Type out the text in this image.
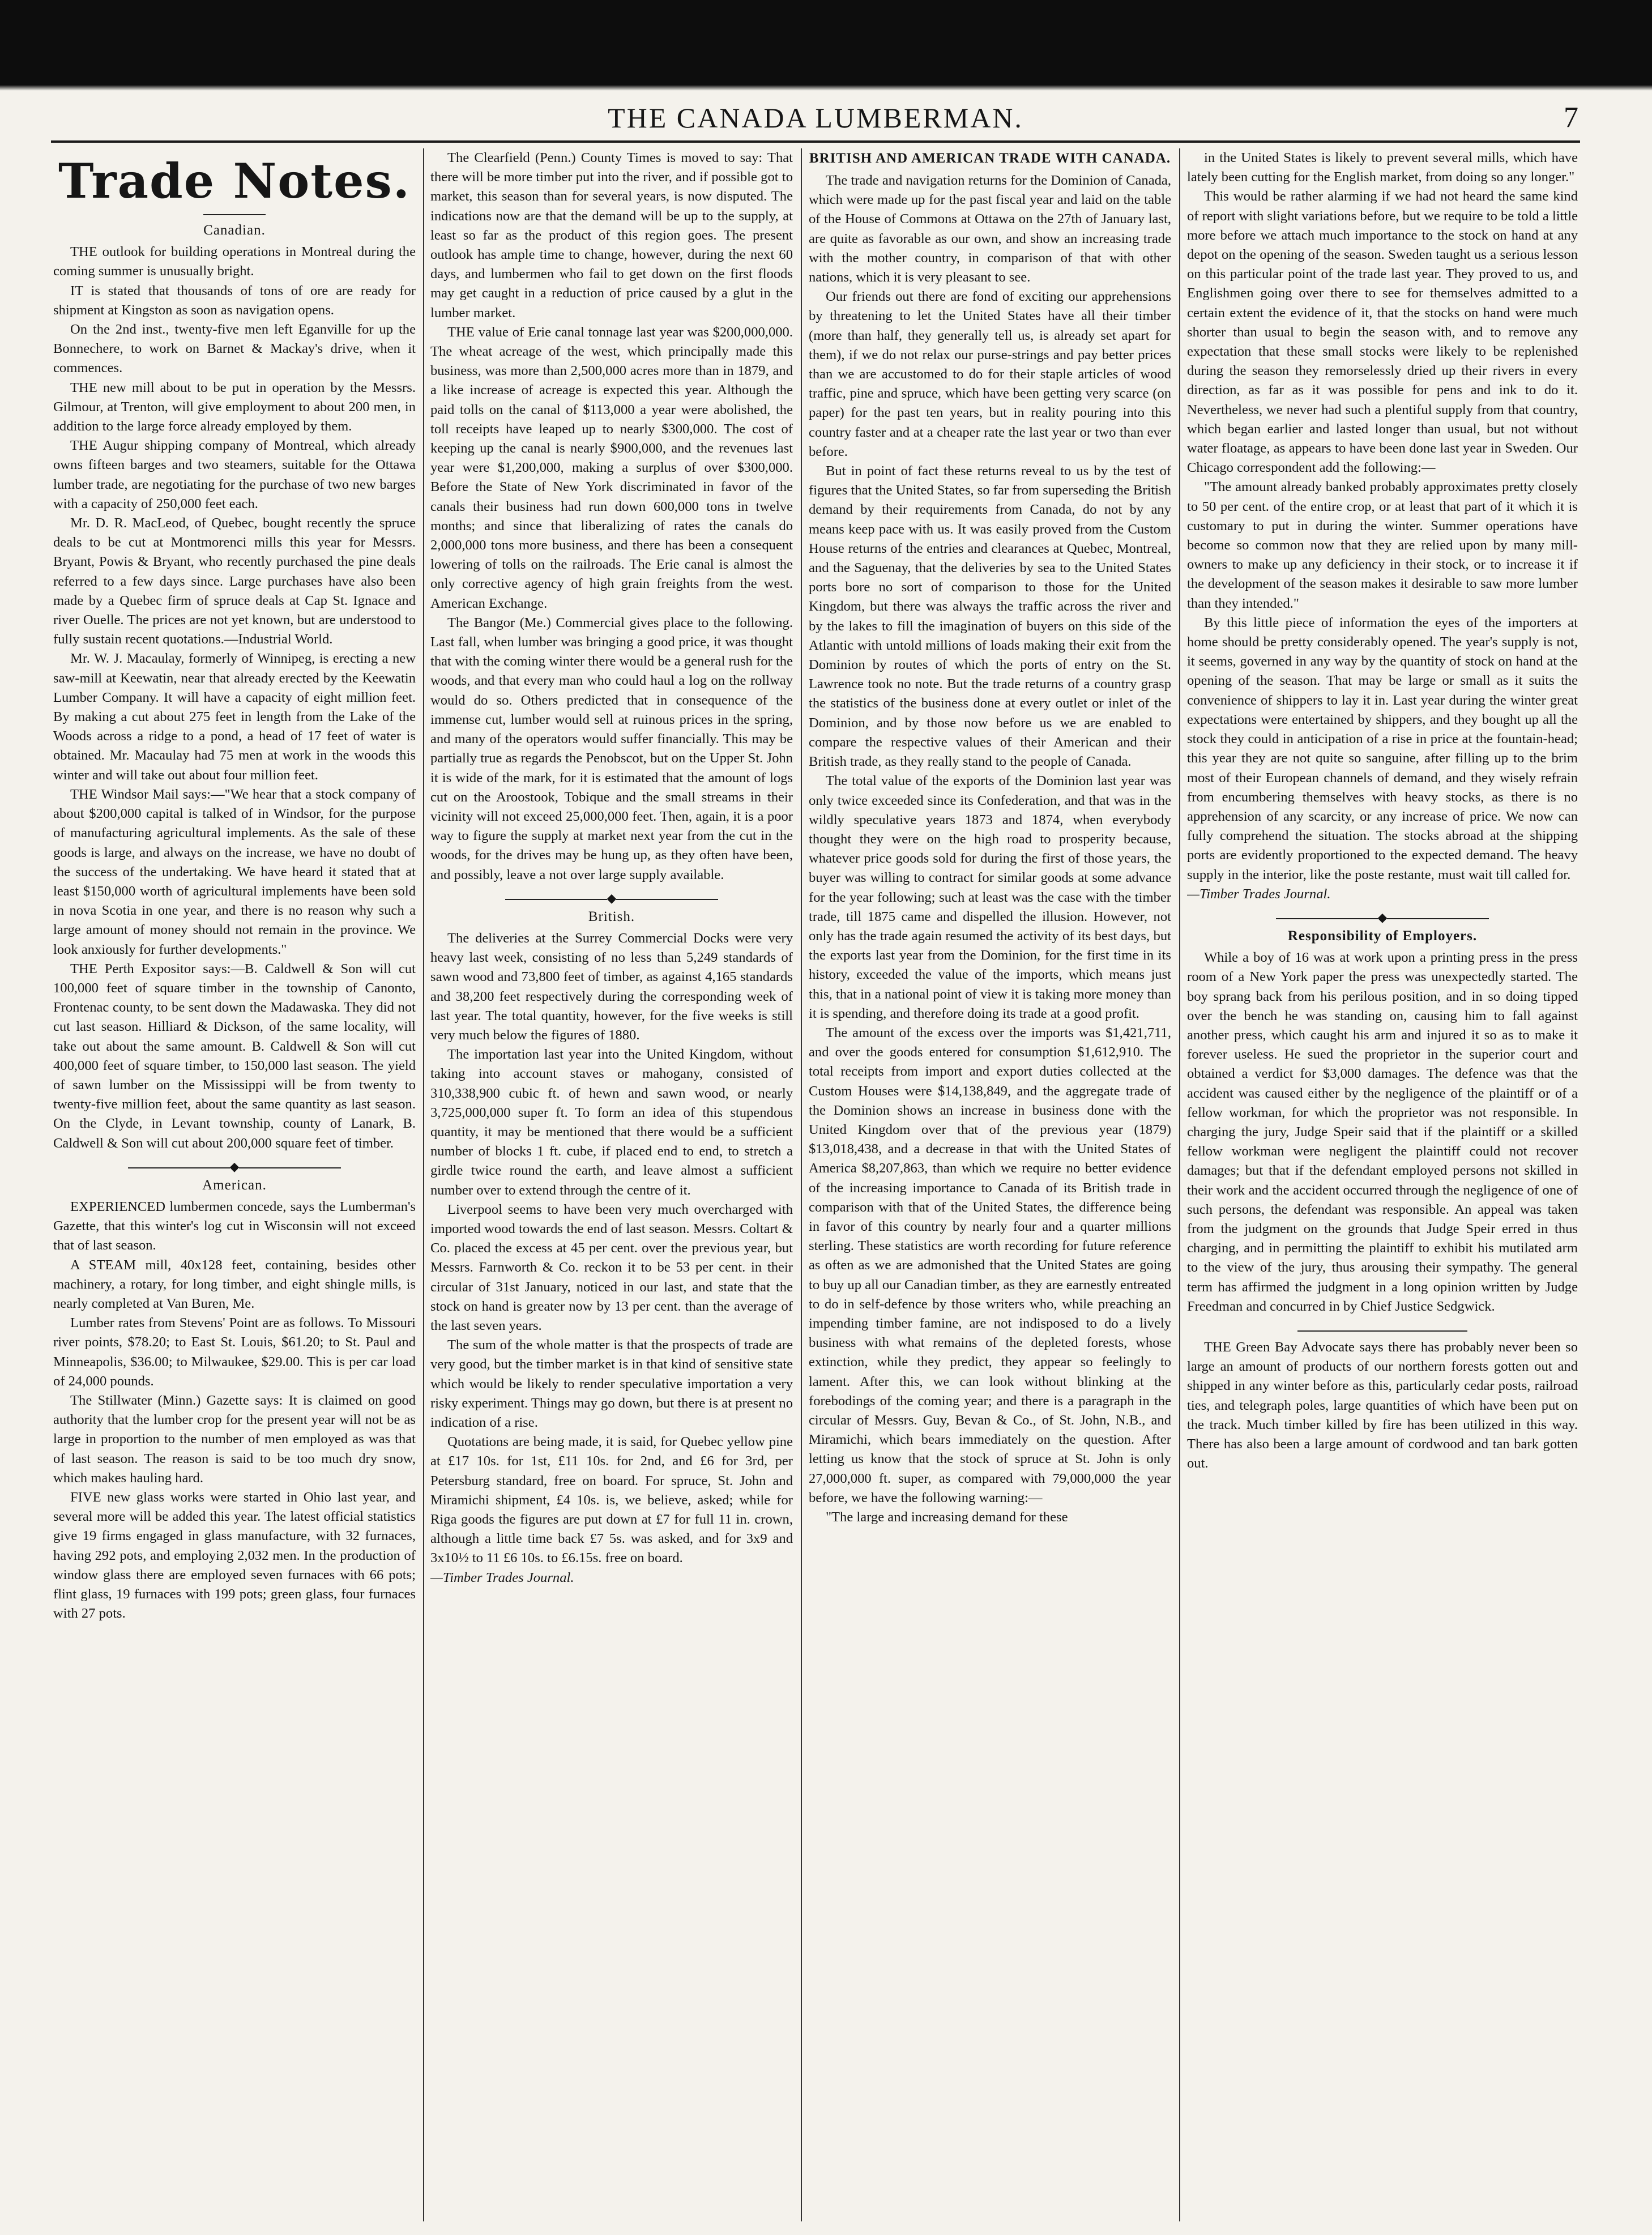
THE CANADA LUMBERMAN.	7
Trade Notes.
Canadian.

THE outlook for building operations in Montreal during the coming summer is unusually bright.

IT is stated that thousands of tons of ore are ready for shipment at Kingston as soon as navigation opens.

On the 2nd inst., twenty-five men left Eganville for up the Bonnechere, to work on Barnet & Mackay's drive, when it commences.

THE new mill about to be put in operation by the Messrs. Gilmour, at Trenton, will give employment to about 200 men, in addition to the large force already employed by them.

THE Augur shipping company of Montreal, which already owns fifteen barges and two steamers, suitable for the Ottawa lumber trade, are negotiating for the purchase of two new barges with a capacity of 250,000 feet each.

Mr. D. R. MacLeod, of Quebec, bought recently the spruce deals to be cut at Montmorenci mills this year for Messrs. Bryant, Powis & Bryant, who recently purchased the pine deals referred to a few days since. Large purchases have also been made by a Quebec firm of spruce deals at Cap St. Ignace and river Ouelle. The prices are not yet known, but are understood to fully sustain recent quotations.—Industrial World.

Mr. W. J. Macaulay, formerly of Winnipeg, is erecting a new saw-mill at Keewatin, near that already erected by the Keewatin Lumber Company. It will have a capacity of eight million feet. By making a cut about 275 feet in length from the Lake of the Woods across a ridge to a pond, a head of 17 feet of water is obtained. Mr. Macaulay had 75 men at work in the woods this winter and will take out about four million feet.

THE Windsor Mail says:—"We hear that a stock company of about $200,000 capital is talked of in Windsor, for the purpose of manufacturing agricultural implements. As the sale of these goods is large, and always on the increase, we have no doubt of the success of the undertaking. We have heard it stated that at least $150,000 worth of agricultural implements have been sold in nova Scotia in one year, and there is no reason why such a large amount of money should not remain in the province. We look anxiously for further developments."

THE Perth Expositor says:—B. Caldwell & Son will cut 100,000 feet of square timber in the township of Canonto, Frontenac county, to be sent down the Madawaska. They did not cut last season. Hilliard & Dickson, of the same locality, will take out about the same amount. B. Caldwell & Son will cut 400,000 feet of square timber, to 150,000 last season. The yield of sawn lumber on the Mississippi will be from twenty to twenty-five million feet, about the same quantity as last season. On the Clyde, in Levant township, county of Lanark, B. Caldwell & Son will cut about 200,000 square feet of timber.

◆
American.

EXPERIENCED lumbermen concede, says the Lumberman's Gazette, that this winter's log cut in Wisconsin will not exceed that of last season.

A STEAM mill, 40x128 feet, containing, besides other machinery, a rotary, for long timber, and eight shingle mills, is nearly completed at Van Buren, Me.

Lumber rates from Stevens' Point are as follows. To Missouri river points, $78.20; to East St. Louis, $61.20; to St. Paul and Minneapolis, $36.00; to Milwaukee, $29.00. This is per car load of 24,000 pounds.

The Stillwater (Minn.) Gazette says: It is claimed on good authority that the lumber crop for the present year will not be as large in proportion to the number of men employed as was that of last season. The reason is said to be too much dry snow, which makes hauling hard.

FIVE new glass works were started in Ohio last year, and several more will be added this year. The latest official statistics give 19 firms engaged in glass manufacture, with 32 furnaces, having 292 pots, and employing 2,032 men. In the production of window glass there are employed seven furnaces with 66 pots; flint glass, 19 furnaces with 199 pots; green glass, four furnaces with 27 pots.

The Clearfield (Penn.) County Times is moved to say: That there will be more timber put into the river, and if possible got to market, this season than for several years, is now disputed. The indications now are that the demand will be up to the supply, at least so far as the product of this region goes. The present outlook has ample time to change, however, during the next 60 days, and lumbermen who fail to get down on the first floods may get caught in a reduction of price caused by a glut in the lumber market.

THE value of Erie canal tonnage last year was $200,000,000. The wheat acreage of the west, which principally made this business, was more than 2,500,000 acres more than in 1879, and a like increase of acreage is expected this year. Although the paid tolls on the canal of $113,000 a year were abolished, the toll receipts have leaped up to nearly $300,000. The cost of keeping up the canal is nearly $900,000, and the revenues last year were $1,200,000, making a surplus of over $300,000. Before the State of New York discriminated in favor of the canals their business had run down 600,000 tons in twelve months; and since that liberalizing of rates the canals do 2,000,000 tons more business, and there has been a consequent lowering of tolls on the railroads. The Erie canal is almost the only corrective agency of high grain freights from the west. American Exchange.

The Bangor (Me.) Commercial gives place to the following. Last fall, when lumber was bringing a good price, it was thought that with the coming winter there would be a general rush for the woods, and that every man who could haul a log on the rollway would do so. Others predicted that in consequence of the immense cut, lumber would sell at ruinous prices in the spring, and many of the operators would suffer financially. This may be partially true as regards the Penobscot, but on the Upper St. John it is wide of the mark, for it is estimated that the amount of logs cut on the Aroostook, Tobique and the small streams in their vicinity will not exceed 25,000,000 feet. Then, again, it is a poor way to figure the supply at market next year from the cut in the woods, for the drives may be hung up, as they often have been, and possibly, leave a not over large supply available.

◆
British.

The deliveries at the Surrey Commercial Docks were very heavy last week, consisting of no less than 5,249 standards of sawn wood and 73,800 feet of timber, as against 4,165 standards and 38,200 feet respectively during the corresponding week of last year. The total quantity, however, for the five weeks is still very much below the figures of 1880.

The importation last year into the United Kingdom, without taking into account staves or mahogany, consisted of 310,338,900 cubic ft. of hewn and sawn wood, or nearly 3,725,000,000 super ft. To form an idea of this stupendous quantity, it may be mentioned that there would be a sufficient number of blocks 1 ft. cube, if placed end to end, to stretch a girdle twice round the earth, and leave almost a sufficient number over to extend through the centre of it.

Liverpool seems to have been very much overcharged with imported wood towards the end of last season. Messrs. Coltart & Co. placed the excess at 45 per cent. over the previous year, but Messrs. Farnworth & Co. reckon it to be 53 per cent. in their circular of 31st January, noticed in our last, and state that the stock on hand is greater now by 13 per cent. than the average of the last seven years.

The sum of the whole matter is that the prospects of trade are very good, but the timber market is in that kind of sensitive state which would be likely to render speculative importation a very risky experiment. Things may go down, but there is at present no indication of a rise.

Quotations are being made, it is said, for Quebec yellow pine at £17 10s. for 1st, £11 10s. for 2nd, and £6 for 3rd, per Petersburg standard, free on board. For spruce, St. John and Miramichi shipment, £4 10s. is, we believe, asked; while for Riga goods the figures are put down at £7 for full 11 in. crown, although a little time back £7 5s. was asked, and for 3x9 and 3x10½ to 11 £6 10s. to £6.15s. free on board.

—Timber Trades Journal.

BRITISH AND AMERICAN TRADE WITH CANADA.

The trade and navigation returns for the Dominion of Canada, which were made up for the past fiscal year and laid on the table of the House of Commons at Ottawa on the 27th of January last, are quite as favorable as our own, and show an increasing trade with the mother country, in comparison of that with other nations, which it is very pleasant to see.

Our friends out there are fond of exciting our apprehensions by threatening to let the United States have all their timber (more than half, they generally tell us, is already set apart for them), if we do not relax our purse-strings and pay better prices than we are accustomed to do for their staple articles of wood traffic, pine and spruce, which have been getting very scarce (on paper) for the past ten years, but in reality pouring into this country faster and at a cheaper rate the last year or two than ever before.

But in point of fact these returns reveal to us by the test of figures that the United States, so far from superseding the British demand by their requirements from Canada, do not by any means keep pace with us. It was easily proved from the Custom House returns of the entries and clearances at Quebec, Montreal, and the Saguenay, that the deliveries by sea to the United States ports bore no sort of comparison to those for the United Kingdom, but there was always the traffic across the river and by the lakes to fill the imagination of buyers on this side of the Atlantic with untold millions of loads making their exit from the Dominion by routes of which the ports of entry on the St. Lawrence took no note. But the trade returns of a country grasp the statistics of the business done at every outlet or inlet of the Dominion, and by those now before us we are enabled to compare the respective values of their American and their British trade, as they really stand to the people of Canada.

The total value of the exports of the Dominion last year was only twice exceeded since its Confederation, and that was in the wildly speculative years 1873 and 1874, when everybody thought they were on the high road to prosperity because, whatever price goods sold for during the first of those years, the buyer was willing to contract for similar goods at some advance for the year following; such at least was the case with the timber trade, till 1875 came and dispelled the illusion. However, not only has the trade again resumed the activity of its best days, but the exports last year from the Dominion, for the first time in its history, exceeded the value of the imports, which means just this, that in a national point of view it is taking more money than it is spending, and therefore doing its trade at a good profit.

The amount of the excess over the imports was $1,421,711, and over the goods entered for consumption $1,612,910. The total receipts from import and export duties collected at the Custom Houses were $14,138,849, and the aggregate trade of the Dominion shows an increase in business done with the United Kingdom over that of the previous year (1879) $13,018,438, and a decrease in that with the United States of America $8,207,863, than which we require no better evidence of the increasing importance to Canada of its British trade in comparison with that of the United States, the difference being in favor of this country by nearly four and a quarter millions sterling. These statistics are worth recording for future reference as often as we are admonished that the United States are going to buy up all our Canadian timber, as they are earnestly entreated to do in self-defence by those writers who, while preaching an impending timber famine, are not indisposed to do a lively business with what remains of the depleted forests, whose extinction, while they predict, they appear so feelingly to lament. After this, we can look without blinking at the forebodings of the coming year; and there is a paragraph in the circular of Messrs. Guy, Bevan & Co., of St. John, N.B., and Miramichi, which bears immediately on the question. After letting us know that the stock of spruce at St. John is only 27,000,000 ft. super, as compared with 79,000,000 the year before, we have the following warning:—

"The large and increasing demand for these

in the United States is likely to prevent several mills, which have lately been cutting for the English market, from doing so any longer."

This would be rather alarming if we had not heard the same kind of report with slight variations before, but we require to be told a little more before we attach much importance to the stock on hand at any depot on the opening of the season. Sweden taught us a serious lesson on this particular point of the trade last year. They proved to us, and Englishmen going over there to see for themselves admitted to a certain extent the evidence of it, that the stocks on hand were much shorter than usual to begin the season with, and to remove any expectation that these small stocks were likely to be replenished during the season they remorselessly dried up their rivers in every direction, as far as it was possible for pens and ink to do it. Nevertheless, we never had such a plentiful supply from that country, which began earlier and lasted longer than usual, but not without water floatage, as appears to have been done last year in Sweden. Our Chicago correspondent add the following:—

"The amount already banked probably approximates pretty closely to 50 per cent. of the entire crop, or at least that part of it which it is customary to put in during the winter. Summer operations have become so common now that they are relied upon by many mill-owners to make up any deficiency in their stock, or to increase it if the development of the season makes it desirable to saw more lumber than they intended."

By this little piece of information the eyes of the importers at home should be pretty considerably opened. The year's supply is not, it seems, governed in any way by the quantity of stock on hand at the opening of the season. That may be large or small as it suits the convenience of shippers to lay it in. Last year during the winter great expectations were entertained by shippers, and they bought up all the stock they could in anticipation of a rise in price at the fountain-head; this year they are not quite so sanguine, after filling up to the brim most of their European channels of demand, and they wisely refrain from encumbering themselves with heavy stocks, as there is no apprehension of any scarcity, or any increase of price. We now can fully comprehend the situation. The stocks abroad at the shipping ports are evidently proportioned to the expected demand. The heavy supply in the interior, like the poste restante, must wait till called for.

—Timber Trades Journal.

◆
Responsibility of Employers.

While a boy of 16 was at work upon a printing press in the press room of a New York paper the press was unexpectedly started. The boy sprang back from his perilous position, and in so doing tipped over the bench he was standing on, causing him to fall against another press, which caught his arm and injured it so as to make it forever useless. He sued the proprietor in the superior court and obtained a verdict for $3,000 damages. The defence was that the accident was caused either by the negligence of the plaintiff or of a fellow workman, for which the proprietor was not responsible. In charging the jury, Judge Speir said that if the plaintiff or a skilled fellow workman were negligent the plaintiff could not recover damages; but that if the defendant employed persons not skilled in their work and the accident occurred through the negligence of one of such persons, the defendant was responsible. An appeal was taken from the judgment on the grounds that Judge Speir erred in thus charging, and in permitting the plaintiff to exhibit his mutilated arm to the view of the jury, thus arousing their sympathy. The general term has affirmed the judgment in a long opinion written by Judge Freedman and concurred in by Chief Justice Sedgwick.

THE Green Bay Advocate says there has probably never been so large an amount of products of our northern forests gotten out and shipped in any winter before as this, particularly cedar posts, railroad ties, and telegraph poles, large quantities of which have been put on the track. Much timber killed by fire has been utilized in this way. There has also been a large amount of cordwood and tan bark gotten out.
